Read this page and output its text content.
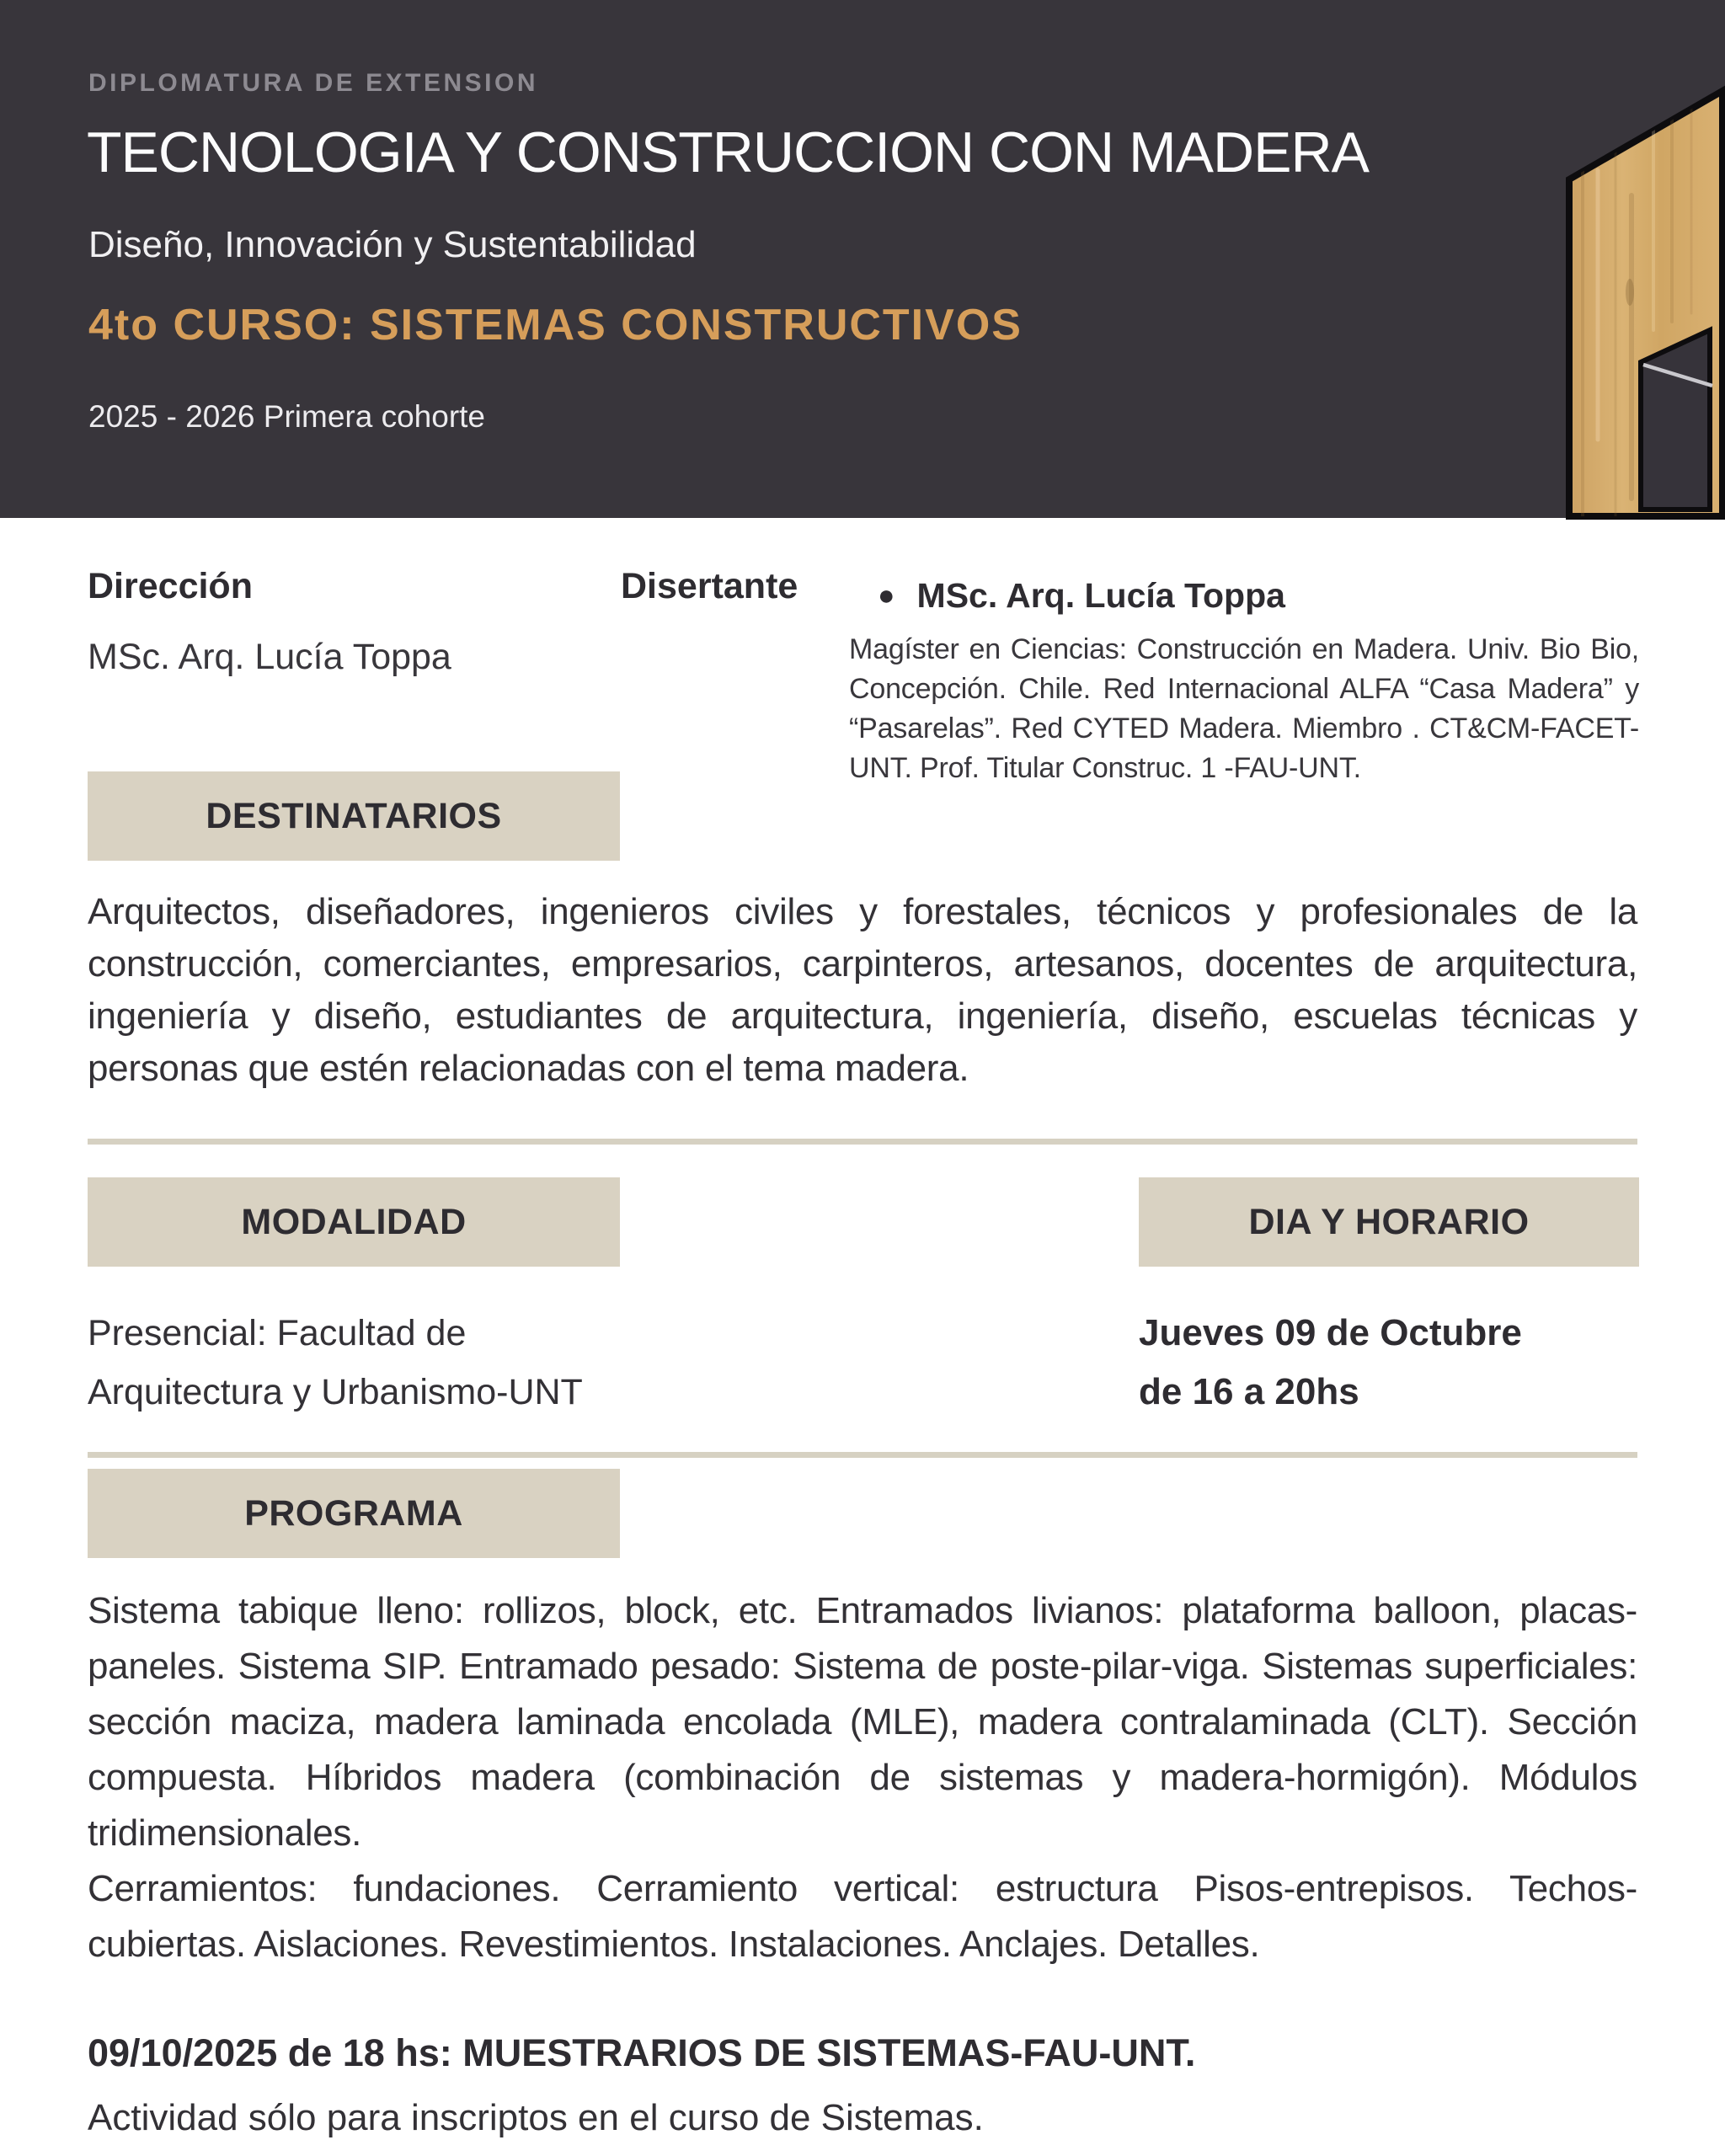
DIPLOMATURA DE EXTENSION
TECNOLOGIA Y CONSTRUCCION CON MADERA
Diseño, Innovación y Sustentabilidad
4to CURSO: SISTEMAS CONSTRUCTIVOS
2025 - 2026 Primera cohorte
Dirección
MSc. Arq. Lucía Toppa
Disertante	● MSc. Arq. Lucía Toppa

Magíster en Ciencias: Construcción en Madera. Univ. Bio Bio, Concepción. Chile. Red Internacional ALFA “Casa Madera” y “Pasarelas”. Red CYTED Madera. Miembro . CT&CM-FACET-UNT. Prof. Titular Construc. 1 -FAU-UNT.

DESTINATARIOS

Arquitectos, diseñadores, ingenieros civiles y forestales, técnicos y profesionales de la construcción, comerciantes, empresarios, carpinteros, artesanos, docentes de arquitectura, ingeniería y diseño, estudiantes de arquitectura, ingeniería, diseño, escuelas técnicas y personas que estén relacionadas con el tema madera.

MODALIDAD	DIA Y HORARIO
Presencial: Facultad de
Arquitectura y Urbanismo-UNT
Jueves 09 de Octubre
de 16 a 20hs
PROGRAMA

Sistema tabique lleno: rollizos, block, etc. Entramados livianos: plataforma balloon, placas-paneles. Sistema SIP. Entramado pesado: Sistema de poste-pilar-viga. Sistemas superficiales: sección maciza, madera laminada encolada (MLE), madera contralaminada (CLT). Sección compuesta. Híbridos madera (combinación de sistemas y madera-hormigón). Módulos tridimensionales.

Cerramientos: fundaciones. Cerramiento vertical: estructura Pisos-entrepisos. Techos-cubiertas. Aislaciones. Revestimientos. Instalaciones. Anclajes. Detalles.

09/10/2025 de 18 hs: MUESTRARIOS DE SISTEMAS-FAU-UNT.
Actividad sólo para inscriptos en el curso de Sistemas.
